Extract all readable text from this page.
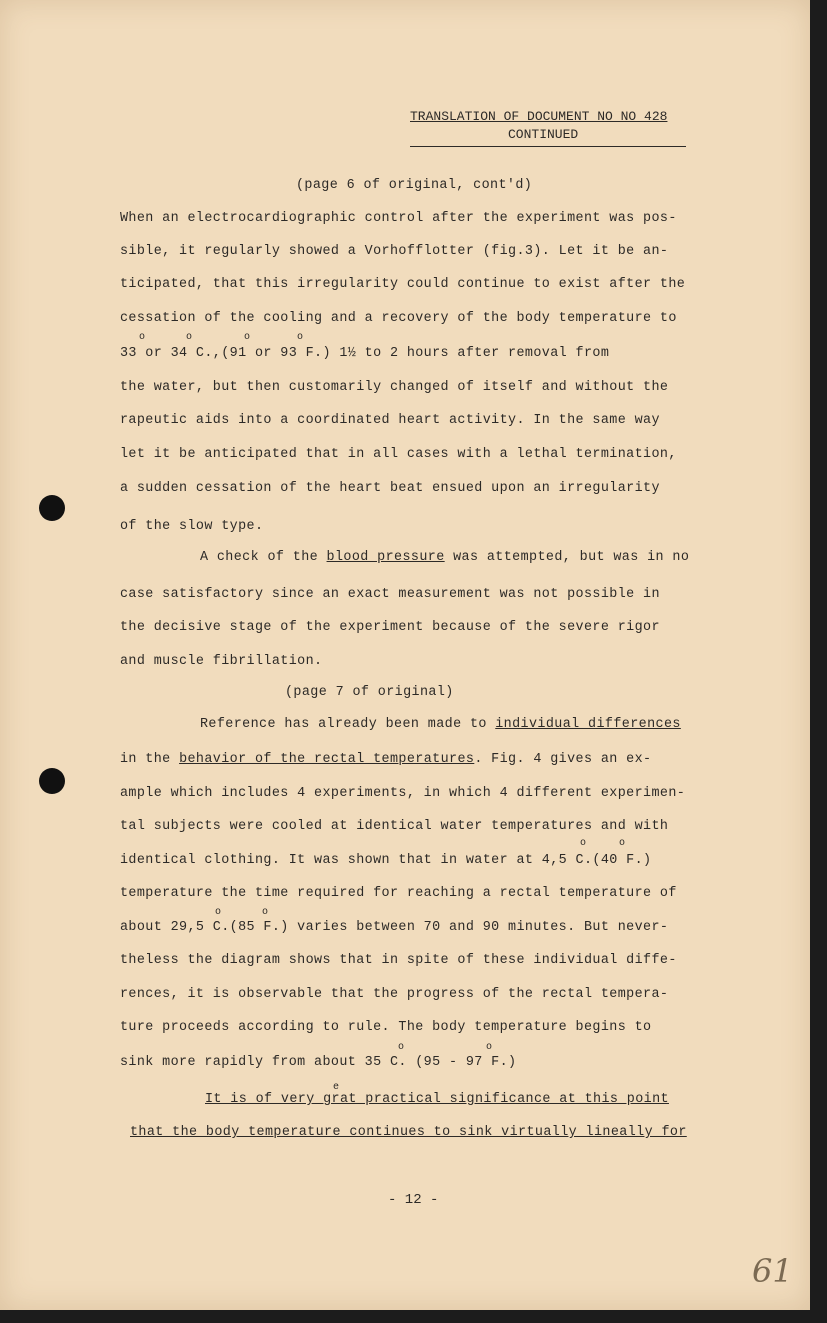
TRANSLATION OF DOCUMENT NO NO 428
CONTINUED
(page 6 of original, cont'd)
When an electrocardiographic control after the experiment was pos-
sible, it regularly showed a Vorhofflotter (fig.3). Let it be an-
ticipated, that this irregularity could continue to exist after the
cessation of the cooling and a recovery of the body temperature to
o	o	o	o
33 or 34 C.,(91 or 93 F.) 1½ to 2 hours after removal from
the water, but then customarily changed of itself and without the
rapeutic aids into a coordinated heart activity. In the same way
let it be anticipated that in all cases with a lethal termination,
a sudden cessation of the heart beat ensued upon an irregularity
of the slow type.
A check of the blood pressure was attempted, but was in no
case satisfactory since an exact measurement was not possible in
the decisive stage of the experiment because of the severe rigor
and muscle fibrillation.
(page 7 of original)
Reference has already been made to individual differences
in the behavior of the rectal temperatures. Fig. 4 gives an ex-
ample which includes 4 experiments, in which 4 different experimen-
tal subjects were cooled at identical water temperatures and with
o	o
identical clothing. It was shown that in water at 4,5 C.(40 F.)
temperature the time required for reaching a rectal temperature of
o	o
about 29,5 C.(85 F.) varies between 70 and 90 minutes. But never-
theless the diagram shows that in spite of these individual diffe-
rences, it is observable that the progress of the rectal tempera-
ture proceeds according to rule. The body temperature begins to
o	o
sink more rapidly from about 35 C. (95 - 97 F.)
e
It is of very grat practical significance at this point
that the body temperature continues to sink virtually lineally for
- 12 -
61
